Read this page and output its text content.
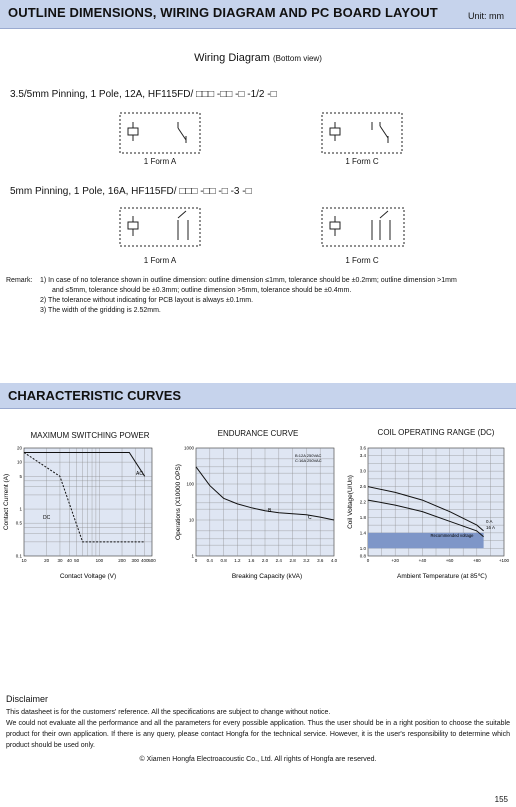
OUTLINE DIMENSIONS, WIRING DIAGRAM AND PC BOARD LAYOUT	Unit: mm
Wiring Diagram (Bottom view)
3.5/5mm Pinning, 1 Pole, 12A, HF115FD/ □□□ -□□ -□ -1/2 -□
5mm Pinning, 1 Pole, 16A, HF115FD/ □□□ -□□ -□ -3 -□
1 Form A	1 Form C
1 Form A	1 Form C
Remark: 1) In case of no tolerance shown in outline dimension: outline dimension ≤1mm, tolerance should be ±0.2mm; outline dimension >1mm
and ≤5mm, tolerance should be ±0.3mm; outline dimension >5mm, tolerance should be ±0.4mm.
2) The tolerance without indicating for PCB layout is always ±0.1mm.
3) The width of the gridding is 2.52mm.
CHARACTERISTIC CURVES
MAXIMUM SWITCHING POWER	ENDURANCE CURVE	COIL OPERATING RANGE (DC)
10	20 30 40 50	100	200 300 400 500
20
10
5
1
0.5
0.1
AC
DC
Contact Current (A)
Contact Voltage (V)
0 0.4 0.8 1.2 1.6 2.0 2.4 2.8 3.2 3.6 4.0
1000
100
10
1
B:12A 250VAC
C:16A 250VAC
B
C
Operations (X10000 OPS)
Breaking Capacity (kVA)
0	+20	+40	+60	+80	+100
3.6
3.4
3.0
2.6
2.2
1.8
1.4
1.0
0.8
0 A
16 A
Recommended voltage
Coil Voltage(U/Un)
Ambient Temperature (at 85℃)
Disclaimer
This datasheet is for the customers' reference. All the specifications are subject to change without notice.
We could not evaluate all the performance and all the parameters for every possible application. Thus the user should be in a right position to choose the suitable product for their own application. If there is any query, please contact Hongfa for the technical service. However, it is the user's responsibility to determine which product should be used only.
© Xiamen Hongfa Electroacoustic Co., Ltd. All rights of Hongfa are reserved.
155
